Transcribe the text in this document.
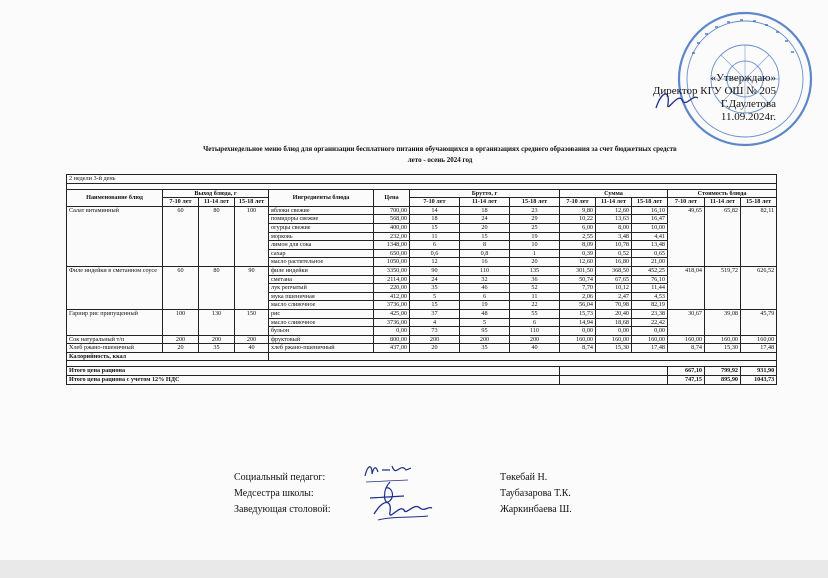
«Утверждаю»
Директор КГУ ОШ № 205
Г.Даулетова
11.09.2024г.
Четырехнедельное меню блюд для организации бесплатного питания обучающихся в организациях среднего образования за счет бюджетных средств
лето - осень 2024 год
2 недели 3-й день														

Наименование блюд	Выход блюда, г			Ингредиенты блюда	Цена	Брутто, г			Сумма			Стоимость блюда		
	7-10 лет	11-14 лет	15-18 лет			7-10 лет	11-14 лет	15-18 лет	7-10 лет	11-14 лет	15-18 лет	7-10 лет	11-14 лет	15-18 лет
Салат витаминный	60	80	100	яблоки свежие	700,00	14	18	23	9,80	12,60	16,10	49,65	65,82	82,11
				помидоры свежие	568,00	18	24	29	10,22	13,63	16,47			
				огурцы свежие	400,00	15	20	25	6,00	8,00	10,00			
				морковь	232,00	11	15	19	2,55	3,48	4,41			
				лимон для сока	1348,00	6	8	10	8,09	10,78	13,48			
				сахар	650,00	0,6	0,8	1	0,39	0,52	0,65			
				масло растительное	1050,00	12	16	20	12,60	16,80	21,00			
Филе индейки в сметанном соусе	60	80	90	филе индейки	3350,00	90	110	135	301,50	368,50	452,25	418,04	519,72	626,52
				сметана	2114,00	24	32	36	50,74	67,65	76,10			
				лук репчатый	220,00	35	46	52	7,70	10,12	11,44			
				мука пшеничная	412,00	5	6	11	2,06	2,47	4,53			
				масло сливочное	3736,00	15	19	22	56,04	70,98	82,19			
Гарнир рис припущенный	100	130	150	рис	425,00	37	48	55	15,73	20,40	23,38	30,67	39,08	45,79
				масло сливочное	3736,00	4	5	6	14,94	18,68	22,42			
				бульон	0,00	73	95	110	0,00	0,00	0,00			
Сок натуральный т/п	200	200	200	фруктовый	800,00	200	200	200	160,00	160,00	160,00	160,00	160,00	160,00
Хлеб ржано-пшеничный	20	35	40	хлеб ржано-пшеничный	437,00	20	35	40	8,74	15,30	17,48	8,74	15,30	17,48
Калорийность, ккал														

Итого цена рациона												667,10	799,92	931,90
Итого цена рациона с учетом 12% НДС												747,15	895,90	1043,73
Социальный педагог:	Төкебай Н.
Медсестра школы:	Таубазарова Т.К.
Заведующая столовой:	Жаркинбаева Ш.
